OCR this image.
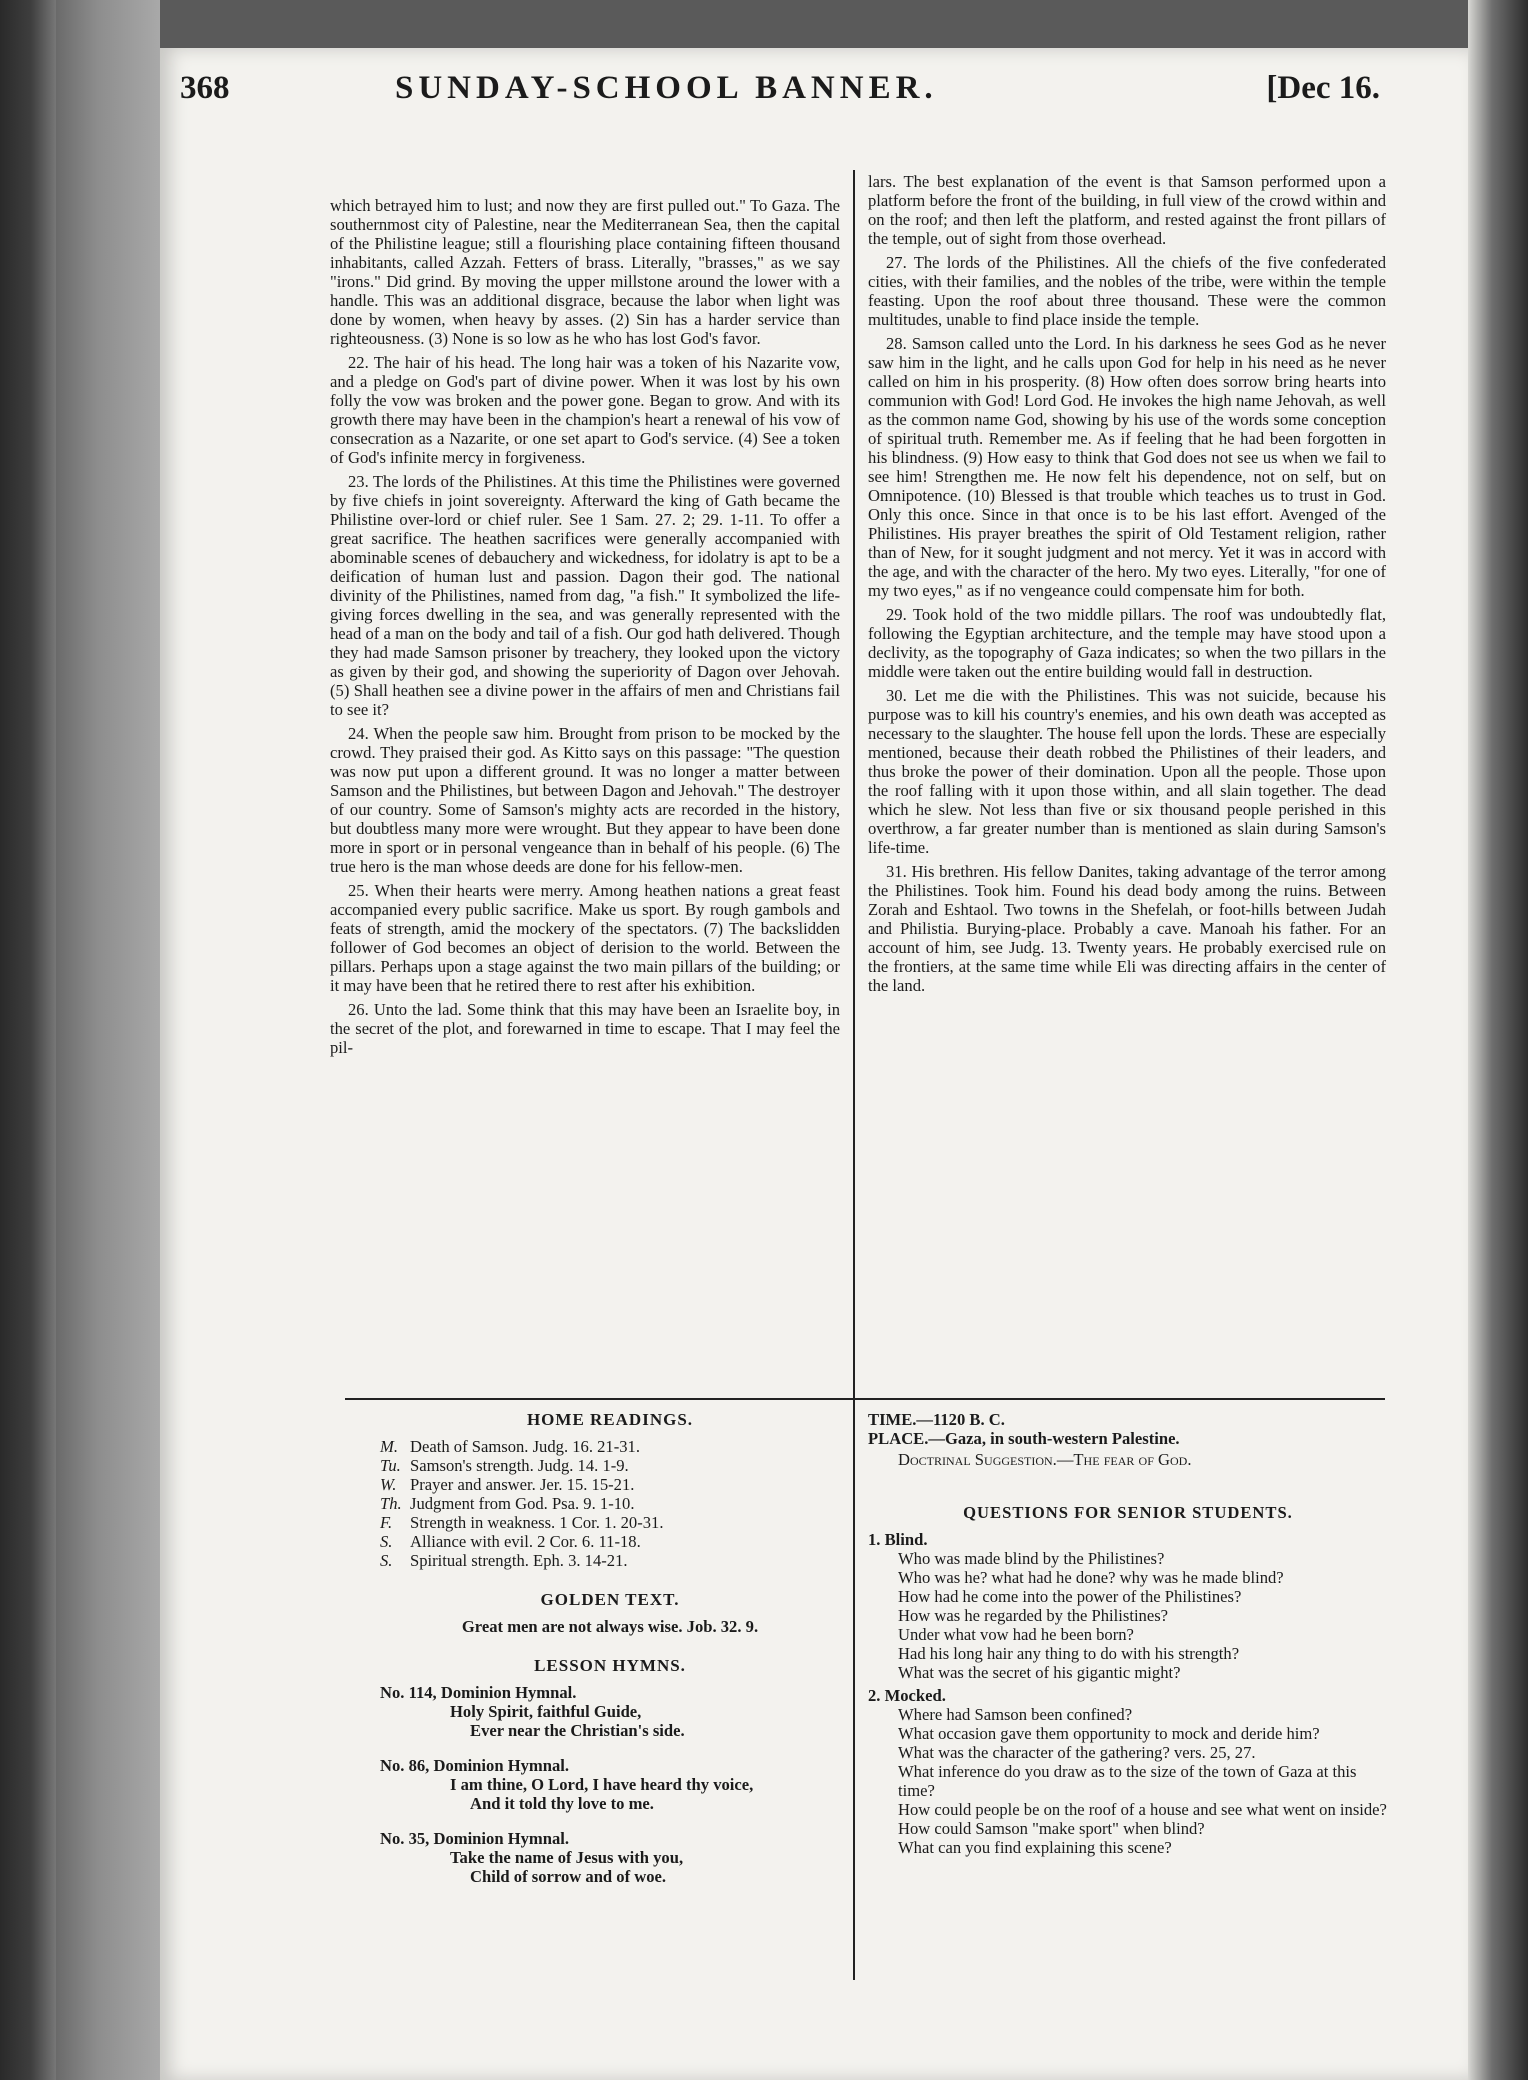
368	SUNDAY-SCHOOL BANNER.	[Dec 16.

which betrayed him to lust; and now they are first pulled out." To Gaza. The southernmost city of Palestine, near the Mediterranean Sea, then the capital of the Philistine league; still a flourishing place containing fifteen thousand inhabitants, called Azzah. Fetters of brass. Literally, "brasses," as we say "irons." Did grind. By moving the upper millstone around the lower with a handle. This was an additional disgrace, because the labor when light was done by women, when heavy by asses. (2) Sin has a harder service than righteousness. (3) None is so low as he who has lost God's favor.

22. The hair of his head. The long hair was a token of his Nazarite vow, and a pledge on God's part of divine power. When it was lost by his own folly the vow was broken and the power gone. Began to grow. And with its growth there may have been in the champion's heart a renewal of his vow of consecration as a Nazarite, or one set apart to God's service. (4) See a token of God's infinite mercy in forgiveness.

23. The lords of the Philistines. At this time the Philistines were governed by five chiefs in joint sovereignty. Afterward the king of Gath became the Philistine over-lord or chief ruler. See 1 Sam. 27. 2; 29. 1-11. To offer a great sacrifice. The heathen sacrifices were generally accompanied with abominable scenes of debauchery and wickedness, for idolatry is apt to be a deification of human lust and passion. Dagon their god. The national divinity of the Philistines, named from dag, "a fish." It symbolized the life-giving forces dwelling in the sea, and was generally represented with the head of a man on the body and tail of a fish. Our god hath delivered. Though they had made Samson prisoner by treachery, they looked upon the victory as given by their god, and showing the superiority of Dagon over Jehovah. (5) Shall heathen see a divine power in the affairs of men and Christians fail to see it?

24. When the people saw him. Brought from prison to be mocked by the crowd. They praised their god. As Kitto says on this passage: "The question was now put upon a different ground. It was no longer a matter between Samson and the Philistines, but between Dagon and Jehovah." The destroyer of our country. Some of Samson's mighty acts are recorded in the history, but doubtless many more were wrought. But they appear to have been done more in sport or in personal vengeance than in behalf of his people. (6) The true hero is the man whose deeds are done for his fellow-men.

25. When their hearts were merry. Among heathen nations a great feast accompanied every public sacrifice. Make us sport. By rough gambols and feats of strength, amid the mockery of the spectators. (7) The backslidden follower of God becomes an object of derision to the world. Between the pillars. Perhaps upon a stage against the two main pillars of the building; or it may have been that he retired there to rest after his exhibition.

26. Unto the lad. Some think that this may have been an Israelite boy, in the secret of the plot, and forewarned in time to escape. That I may feel the pil-

lars. The best explanation of the event is that Samson performed upon a platform before the front of the building, in full view of the crowd within and on the roof; and then left the platform, and rested against the front pillars of the temple, out of sight from those overhead.

27. The lords of the Philistines. All the chiefs of the five confederated cities, with their families, and the nobles of the tribe, were within the temple feasting. Upon the roof about three thousand. These were the common multitudes, unable to find place inside the temple.

28. Samson called unto the Lord. In his darkness he sees God as he never saw him in the light, and he calls upon God for help in his need as he never called on him in his prosperity. (8) How often does sorrow bring hearts into communion with God! Lord God. He invokes the high name Jehovah, as well as the common name God, showing by his use of the words some conception of spiritual truth. Remember me. As if feeling that he had been forgotten in his blindness. (9) How easy to think that God does not see us when we fail to see him! Strengthen me. He now felt his dependence, not on self, but on Omnipotence. (10) Blessed is that trouble which teaches us to trust in God. Only this once. Since in that once is to be his last effort. Avenged of the Philistines. His prayer breathes the spirit of Old Testament religion, rather than of New, for it sought judgment and not mercy. Yet it was in accord with the age, and with the character of the hero. My two eyes. Literally, "for one of my two eyes," as if no vengeance could compensate him for both.

29. Took hold of the two middle pillars. The roof was undoubtedly flat, following the Egyptian architecture, and the temple may have stood upon a declivity, as the topography of Gaza indicates; so when the two pillars in the middle were taken out the entire building would fall in destruction.

30. Let me die with the Philistines. This was not suicide, because his purpose was to kill his country's enemies, and his own death was accepted as necessary to the slaughter. The house fell upon the lords. These are especially mentioned, because their death robbed the Philistines of their leaders, and thus broke the power of their domination. Upon all the people. Those upon the roof falling with it upon those within, and all slain together. The dead which he slew. Not less than five or six thousand people perished in this overthrow, a far greater number than is mentioned as slain during Samson's life-time.

31. His brethren. His fellow Danites, taking advantage of the terror among the Philistines. Took him. Found his dead body among the ruins. Between Zorah and Eshtaol. Two towns in the Shefelah, or foot-hills between Judah and Philistia. Burying-place. Probably a cave. Manoah his father. For an account of him, see Judg. 13. Twenty years. He probably exercised rule on the frontiers, at the same time while Eli was directing affairs in the center of the land.

HOME READINGS.
M. Death of Samson. Judg. 16. 21-31.
Tu. Samson's strength. Judg. 14. 1-9.
W. Prayer and answer. Jer. 15. 15-21.
Th. Judgment from God. Psa. 9. 1-10.
F.	Strength in weakness. 1 Cor. 1. 20-31.
S.	Alliance with evil. 2 Cor. 6. 11-18.
S.	Spiritual strength. Eph. 3. 14-21.
GOLDEN TEXT.
Great men are not always wise. Job. 32. 9.
LESSON HYMNS.
No. 114, Dominion Hymnal.
Holy Spirit, faithful Guide,
Ever near the Christian's side.
No. 86, Dominion Hymnal.
I am thine, O Lord, I have heard thy voice,
And it told thy love to me.
No. 35, Dominion Hymnal.
Take the name of Jesus with you,
Child of sorrow and of woe.
TIME.—1120 B. C.
PLACE.—Gaza, in south-western Palestine.
Doctrinal Suggestion.—The fear of God.
QUESTIONS FOR SENIOR STUDENTS.
1. Blind.
Who was made blind by the Philistines?
Who was he? what had he done? why was he made blind?
How had he come into the power of the Philistines?
How was he regarded by the Philistines?
Under what vow had he been born?
Had his long hair any thing to do with his strength?
What was the secret of his gigantic might?
2. Mocked.
Where had Samson been confined?
What occasion gave them opportunity to mock and deride him?
What was the character of the gathering? vers. 25, 27.
What inference do you draw as to the size of the town of Gaza at this time?
How could people be on the roof of a house and see what went on inside?
How could Samson "make sport" when blind?
What can you find explaining this scene?
